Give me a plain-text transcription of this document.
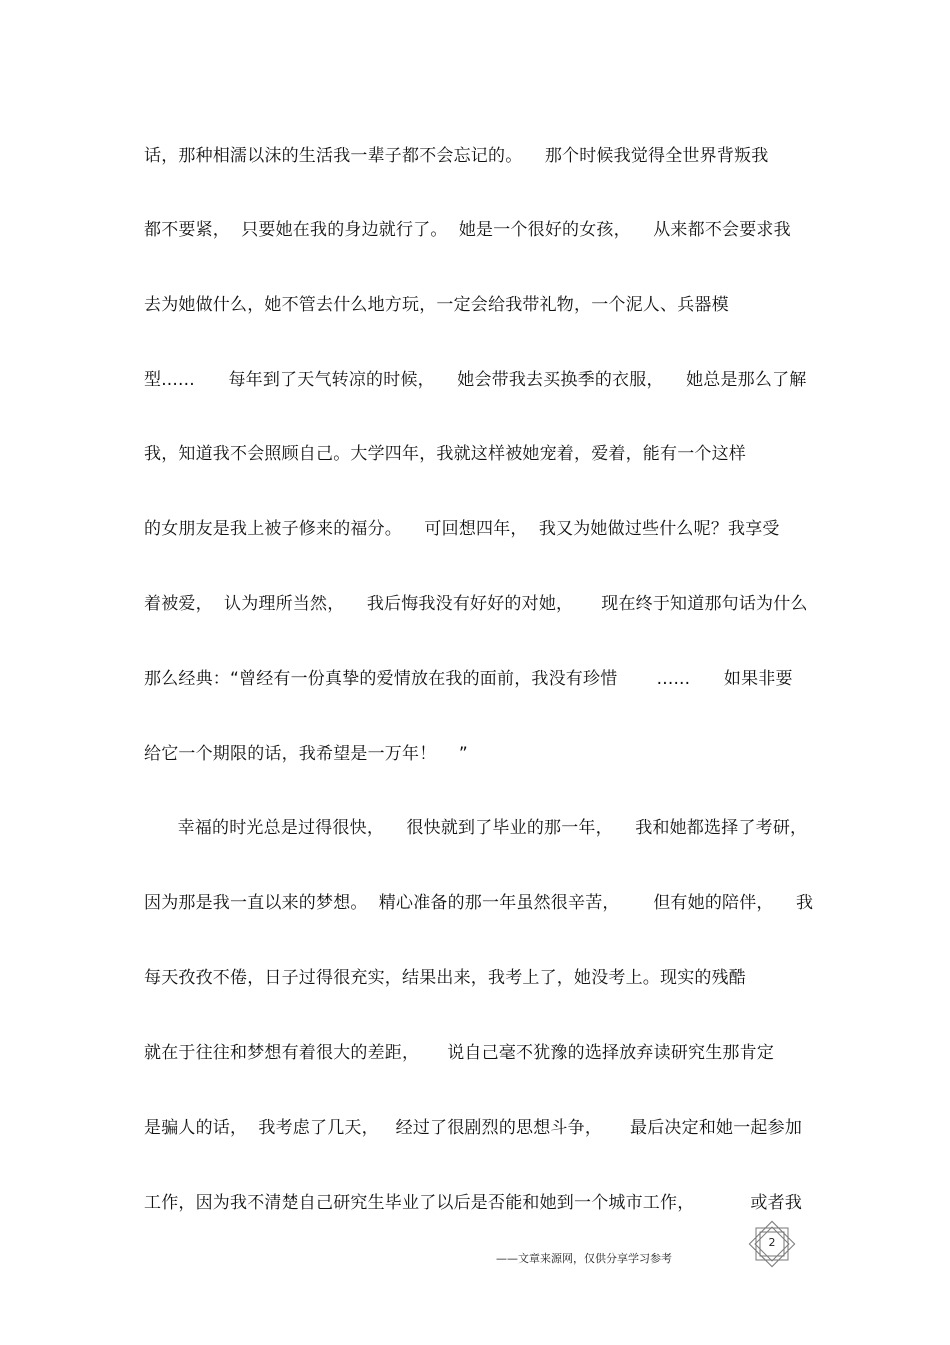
话，那种相濡以沫的生活我一辈子都不会忘记的。    那个时候我觉得全世界背叛我
都不要紧，  只要她在我的身边就行了。  她是一个很好的女孩，    从来都不会要求我
去为她做什么，她不管去什么地方玩，一定会给我带礼物，一个泥人、兵器模
型......      每年到了天气转凉的时候，    她会带我去买换季的衣服，    她总是那么了解
我，知道我不会照顾自己。大学四年，我就这样被她宠着，爱着，能有一个这样
的女朋友是我上被子修来的福分。    可回想四年，  我又为她做过些什么呢？我享受
着被爱，  认为理所当然，    我后悔我没有好好的对她，     现在终于知道那句话为什么
那么经典：“曾经有一份真挚的爱情放在我的面前，我没有珍惜       ......      如果非要
给它一个期限的话，我希望是一万年！    ”
幸福的时光总是过得很快，    很快就到了毕业的那一年，    我和她都选择了考研，
因为那是我一直以来的梦想。  精心准备的那一年虽然很辛苦，      但有她的陪伴，    我
每天孜孜不倦，日子过得很充实，结果出来，我考上了，她没考上。现实的残酷
就在于往往和梦想有着很大的差距，     说自己毫不犹豫的选择放弃读研究生那肯定
是骗人的话，  我考虑了几天，   经过了很剧烈的思想斗争，     最后决定和她一起参加
工作，因为我不清楚自己研究生毕业了以后是否能和她到一个城市工作，          或者我
——文章来源网，仅供分享学习参考
2
